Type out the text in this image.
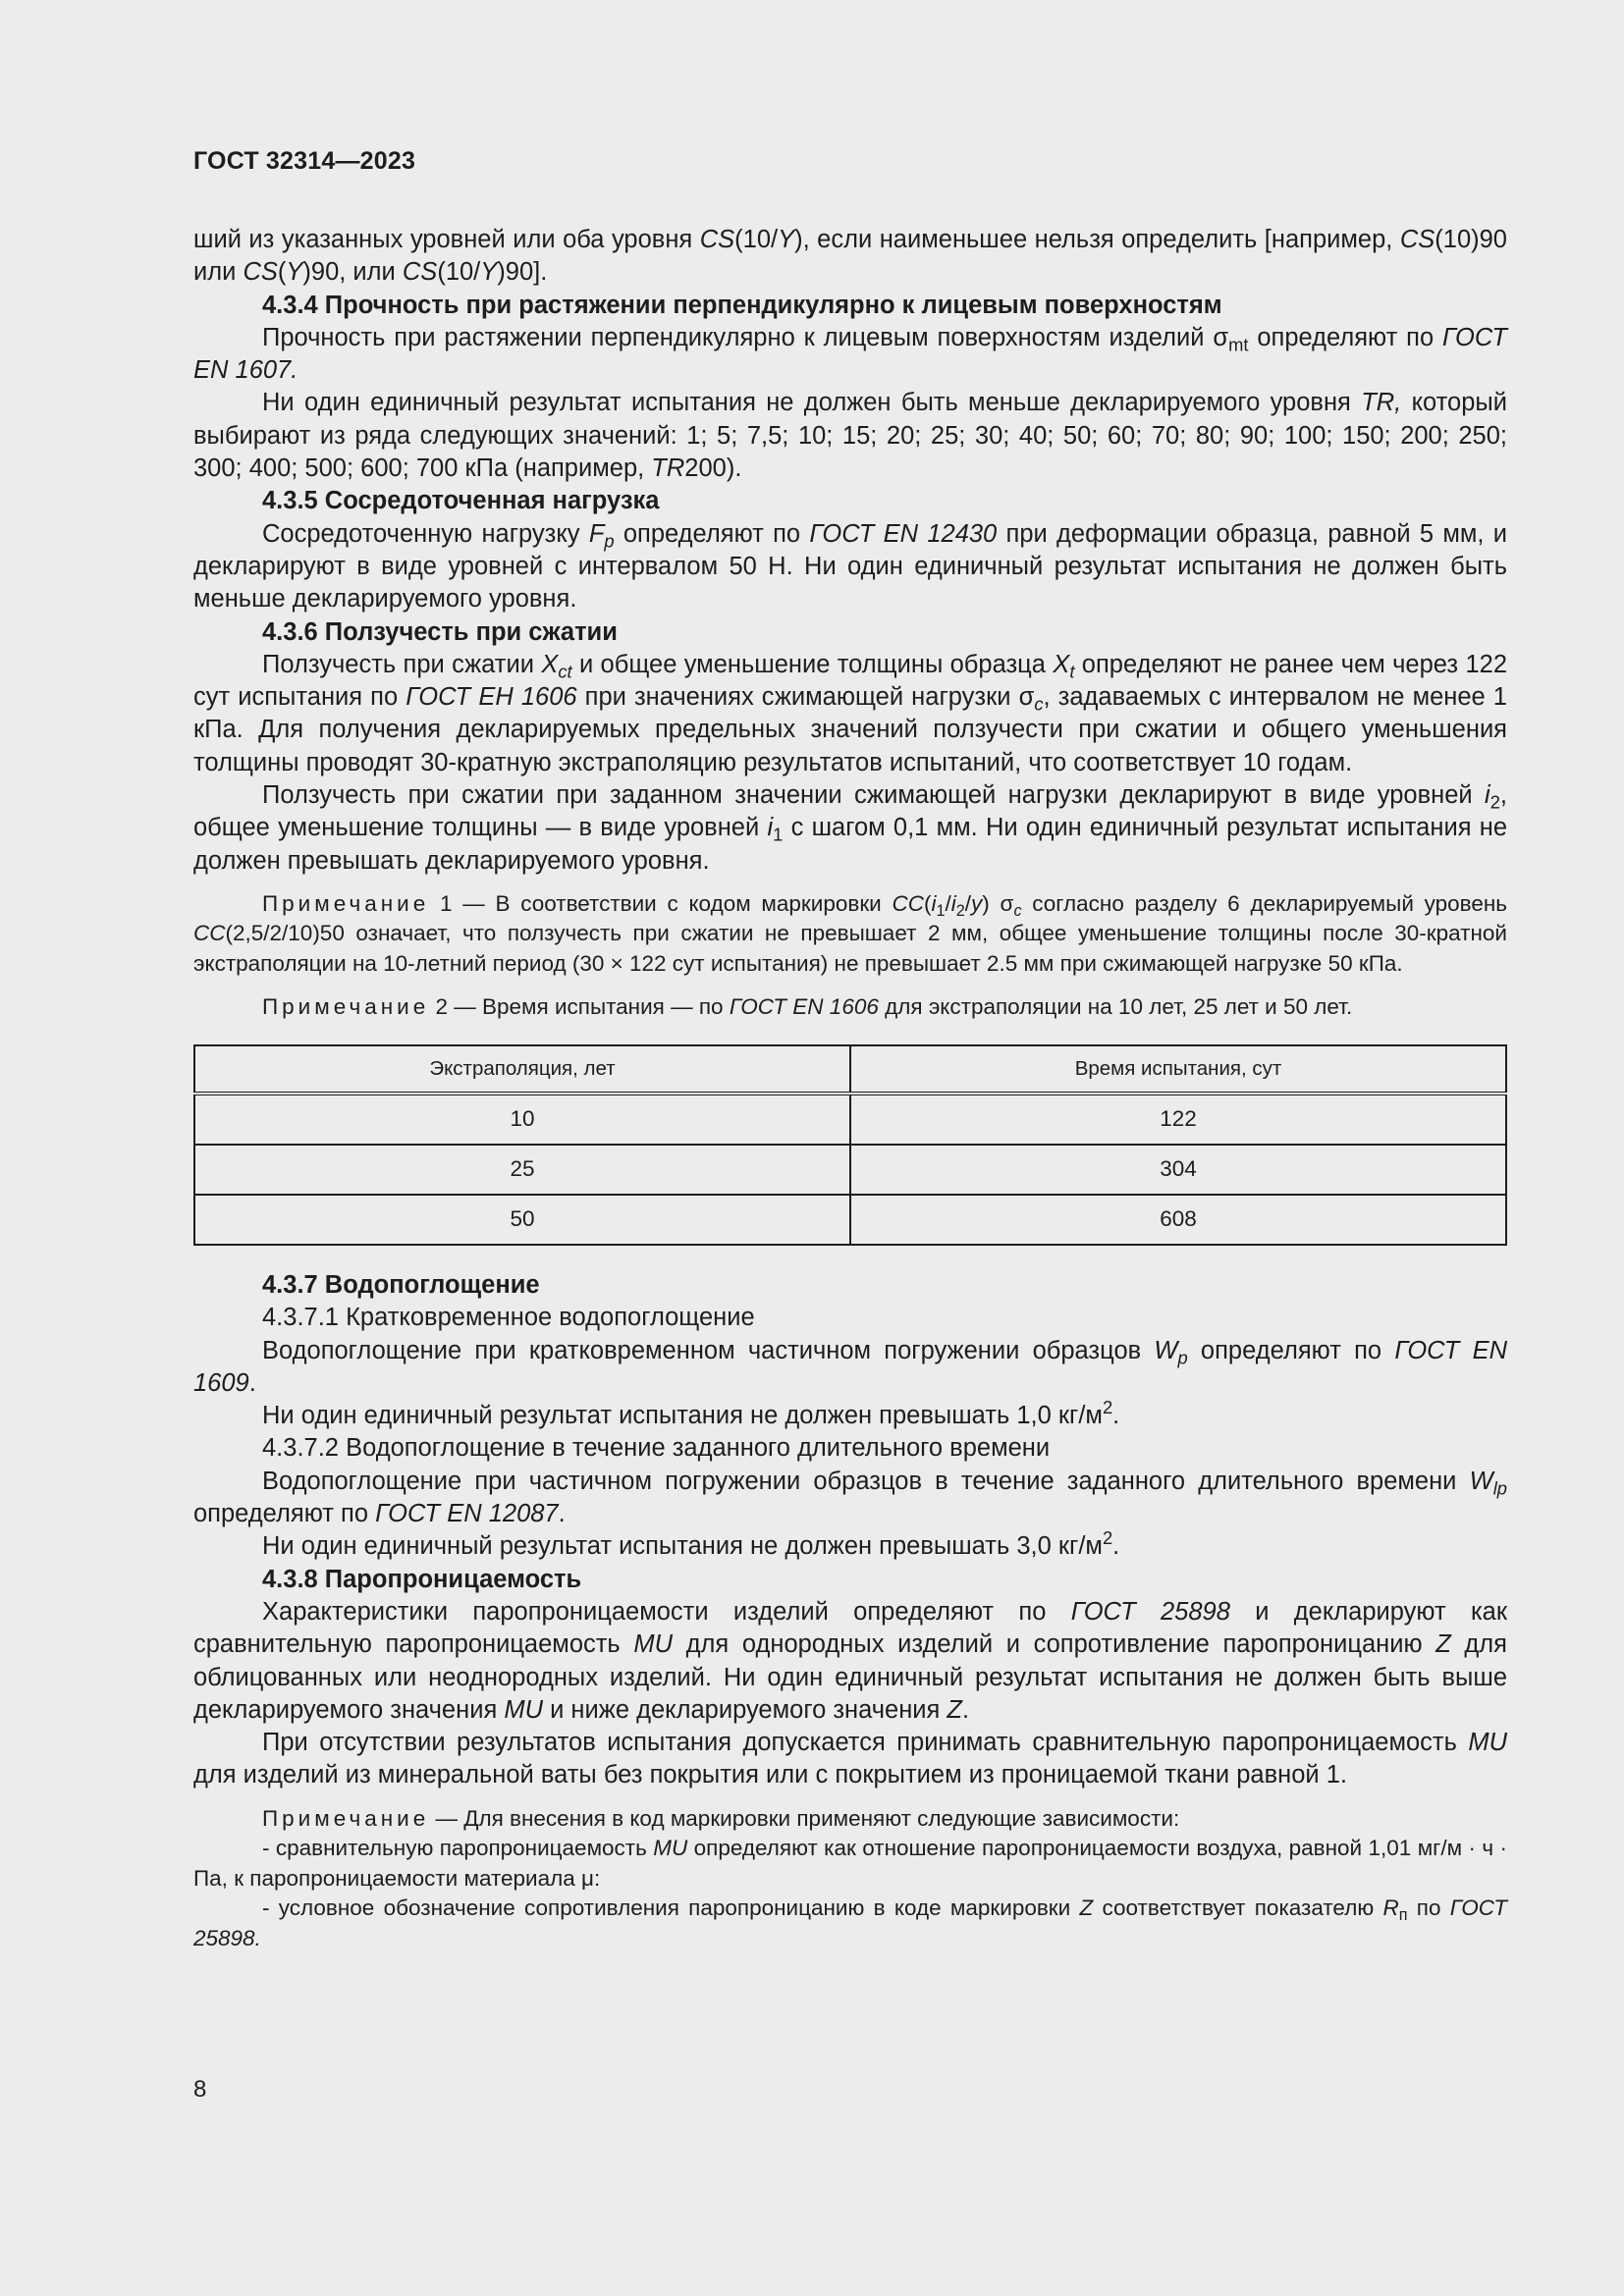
ГОСТ 32314—2023

ший из указанных уровней или оба уровня CS(10/Y), если наименьшее нельзя определить [например, CS(10)90 или CS(Y)90, или CS(10/Y)90].

4.3.4 Прочность при растяжении перпендикулярно к лицевым поверхностям

Прочность при растяжении перпендикулярно к лицевым поверхностям изделий $\sigma_{mt}$ определяют по ГОСТ EN 1607.

Ни один единичный результат испытания не должен быть меньше декларируемого уровня TR, который выбирают из ряда следующих значений: 1; 5; 7,5; 10; 15; 20; 25; 30; 40; 50; 60; 70; 80; 90; 100; 150; 200; 250; 300; 400; 500; 600; 700 кПа (например, TR200).

4.3.5 Сосредоточенная нагрузка

Сосредоточенную нагрузку $F_p$ определяют по ГОСТ EN 12430 при деформации образца, равной 5 мм, и декларируют в виде уровней с интервалом 50 Н. Ни один единичный результат испытания не должен быть меньше декларируемого уровня.

4.3.6 Ползучесть при сжатии

Ползучесть при сжатии $X_{ct}$ и общее уменьшение толщины образца $X_t$ определяют не ранее чем через 122 сут испытания по ГОСТ ЕН 1606 при значениях сжимающей нагрузки $\sigma_c$, задаваемых с интервалом не менее 1 кПа. Для получения декларируемых предельных значений ползучести при сжатии и общего уменьшения толщины проводят 30-кратную экстраполяцию результатов испытаний, что соответствует 10 годам.

Ползучесть при сжатии при заданном значении сжимающей нагрузки декларируют в виде уровней $i_2$, общее уменьшение толщины — в виде уровней $i_1$ с шагом 0,1 мм. Ни один единичный результат испытания не должен превышать декларируемого уровня.

Примечание 1 — В соответствии с кодом маркировки $CC(i_1/i_2/y)$ $\sigma_c$ согласно разделу 6 декларируемый уровень CC(2,5/2/10)50 означает, что ползучесть при сжатии не превышает 2 мм, общее уменьшение толщины после 30-кратной экстраполяции на 10-летний период (30 × 122 сут испытания) не превышает 2.5 мм при сжимающей нагрузке 50 кПа.

Примечание 2 — Время испытания — по ГОСТ EN 1606 для экстраполяции на 10 лет, 25 лет и 50 лет.

Экстраполяция, лет	Время испытания, сут
10	122
25	304
50	608

4.3.7 Водопоглощение

4.3.7.1 Кратковременное водопоглощение

Водопоглощение при кратковременном частичном погружении образцов $W_p$ определяют по ГОСТ EN 1609.

Ни один единичный результат испытания не должен превышать 1,0 $кг/м^2$.

4.3.7.2 Водопоглощение в течение заданного длительного времени

Водопоглощение при частичном погружении образцов в течение заданного длительного времени $W_{lp}$ определяют по ГОСТ EN 12087.

Ни один единичный результат испытания не должен превышать 3,0 $кг/м^2$.

4.3.8 Паропроницаемость

Характеристики паропроницаемости изделий определяют по ГОСТ 25898 и декларируют как сравнительную паропроницаемость MU для однородных изделий и сопротивление паропроницанию Z для облицованных или неоднородных изделий. Ни один единичный результат испытания не должен быть выше декларируемого значения MU и ниже декларируемого значения Z.

При отсутствии результатов испытания допускается принимать сравнительную паропроницаемость MU для изделий из минеральной ваты без покрытия или с покрытием из проницаемой ткани равной 1.

Примечание — Для внесения в код маркировки применяют следующие зависимости:

- сравнительную паропроницаемость MU определяют как отношение паропроницаемости воздуха, равной 1,01 мг/м · ч · Па, к паропроницаемости материала μ:

- условное обозначение сопротивления паропроницанию в коде маркировки Z соответствует показателю $R_п$ по ГОСТ 25898.

8
